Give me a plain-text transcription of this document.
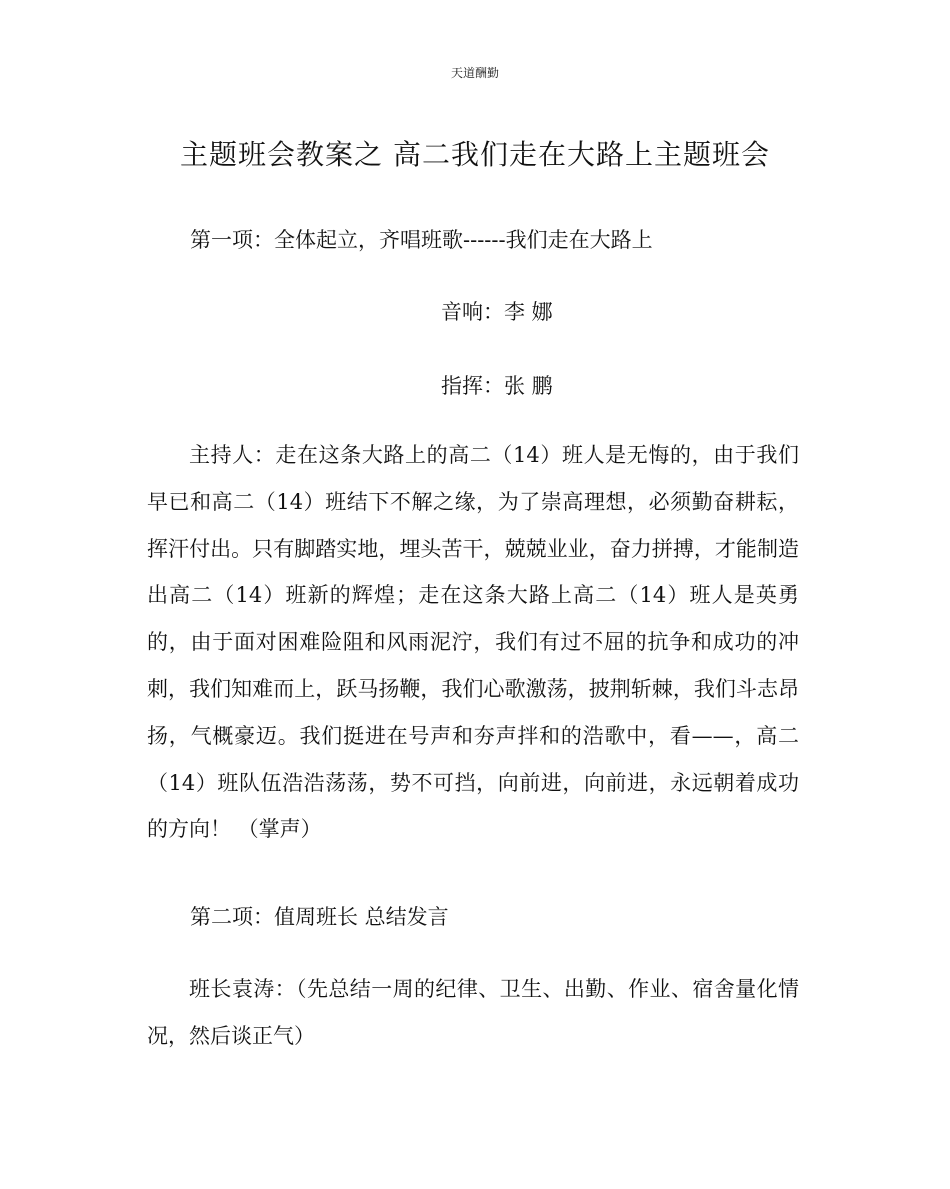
天道酬勤
主题班会教案之 高二我们走在大路上主题班会
第一项：全体起立，齐唱班歌------我们走在大路上
音响：李 娜
指挥：张 鹏
主持人：走在这条大路上的高二（14）班人是无悔的，由于我们早已和高二（14）班结下不解之缘，为了崇高理想，必须勤奋耕耘，挥汗付出。只有脚踏实地，埋头苦干，兢兢业业，奋力拼搏，才能制造出高二（14）班新的辉煌；走在这条大路上高二（14）班人是英勇的，由于面对困难险阻和风雨泥泞，我们有过不屈的抗争和成功的冲刺，我们知难而上，跃马扬鞭，我们心歌激荡，披荆斩棘，我们斗志昂扬，气概豪迈。我们挺进在号声和夯声拌和的浩歌中，看——，高二（14）班队伍浩浩荡荡，势不可挡，向前进，向前进，永远朝着成功的方向！ （掌声）
第二项：值周班长 总结发言
班长袁涛：（先总结一周的纪律、卫生、出勤、作业、宿舍量化情况，然后谈正气）
